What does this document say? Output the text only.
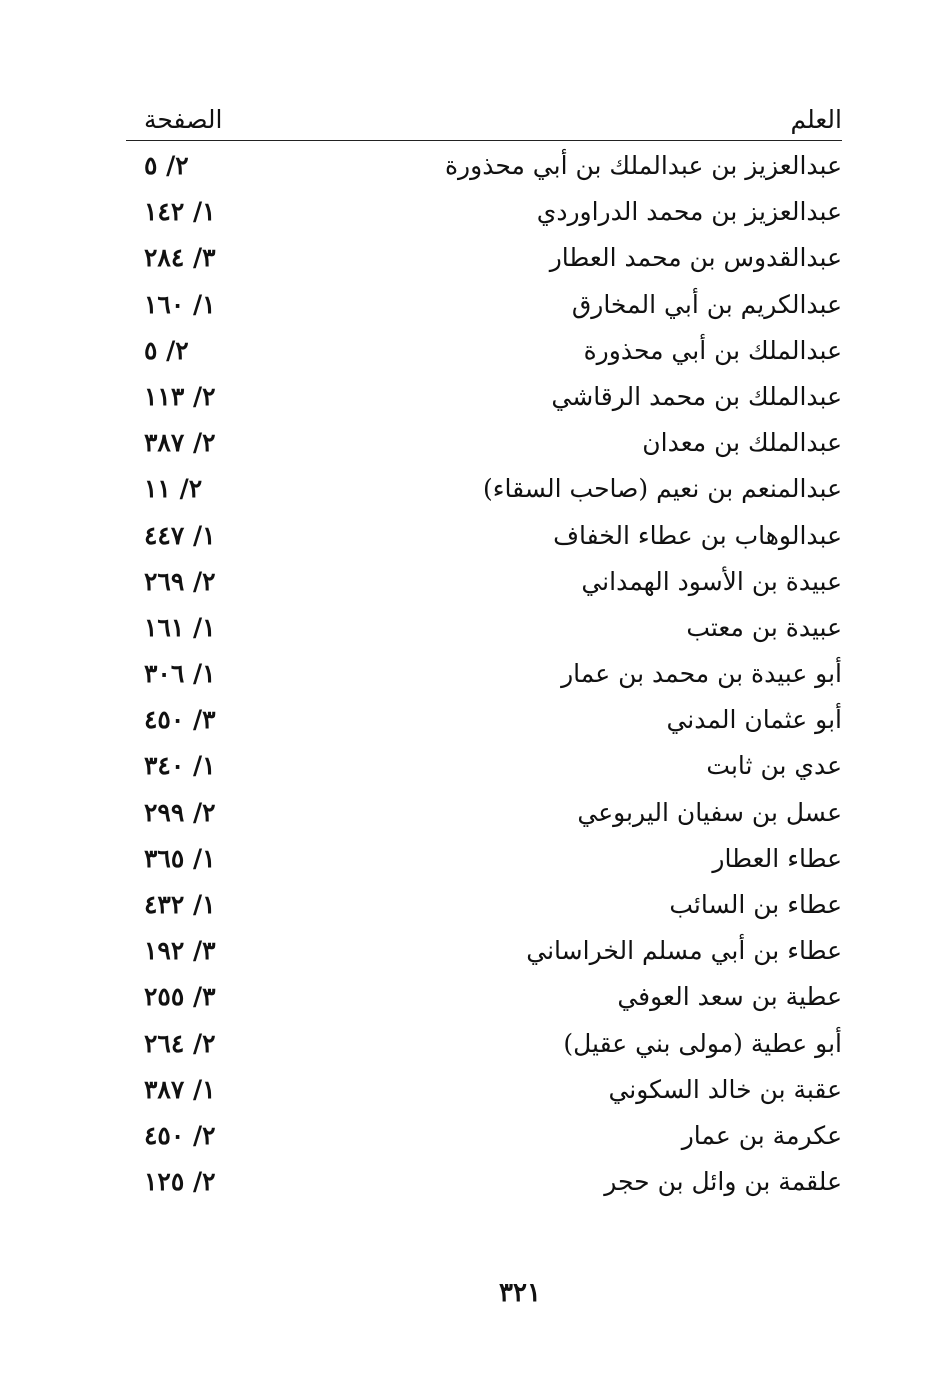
العلم
الصفحة
عبدالعزيز بن عبدالملك بن أبي محذورة
٢/ ٥
عبدالعزيز بن محمد الدراوردي
١/ ١٤٢
عبدالقدوس بن محمد العطار
٣/ ٢٨٤
عبدالكريم بن أبي المخارق
١/ ١٦٠
عبدالملك بن أبي محذورة
٢/ ٥
عبدالملك بن محمد الرقاشي
٢/ ١١٣
عبدالملك بن معدان
٢/ ٣٨٧
عبدالمنعم بن نعيم (صاحب السقاء)
٢/ ١١
عبدالوهاب بن عطاء الخفاف
١/ ٤٤٧
عبيدة بن الأسود الهمداني
٢/ ٢٦٩
عبيدة بن معتب
١/ ١٦١
أبو عبيدة بن محمد بن عمار
١/ ٣٠٦
أبو عثمان المدني
٣/ ٤٥٠
عدي بن ثابت
١/ ٣٤٠
عسل بن سفيان اليربوعي
٢/ ٢٩٩
عطاء العطار
١/ ٣٦٥
عطاء بن السائب
١/ ٤٣٢
عطاء بن أبي مسلم الخراساني
٣/ ١٩٢
عطية بن سعد العوفي
٣/ ٢٥٥
أبو عطية (مولى بني عقيل)
٢/ ٢٦٤
عقبة بن خالد السكوني
١/ ٣٨٧
عكرمة بن عمار
٢/ ٤٥٠
علقمة بن وائل بن حجر
٢/ ١٢٥
٣٢١
